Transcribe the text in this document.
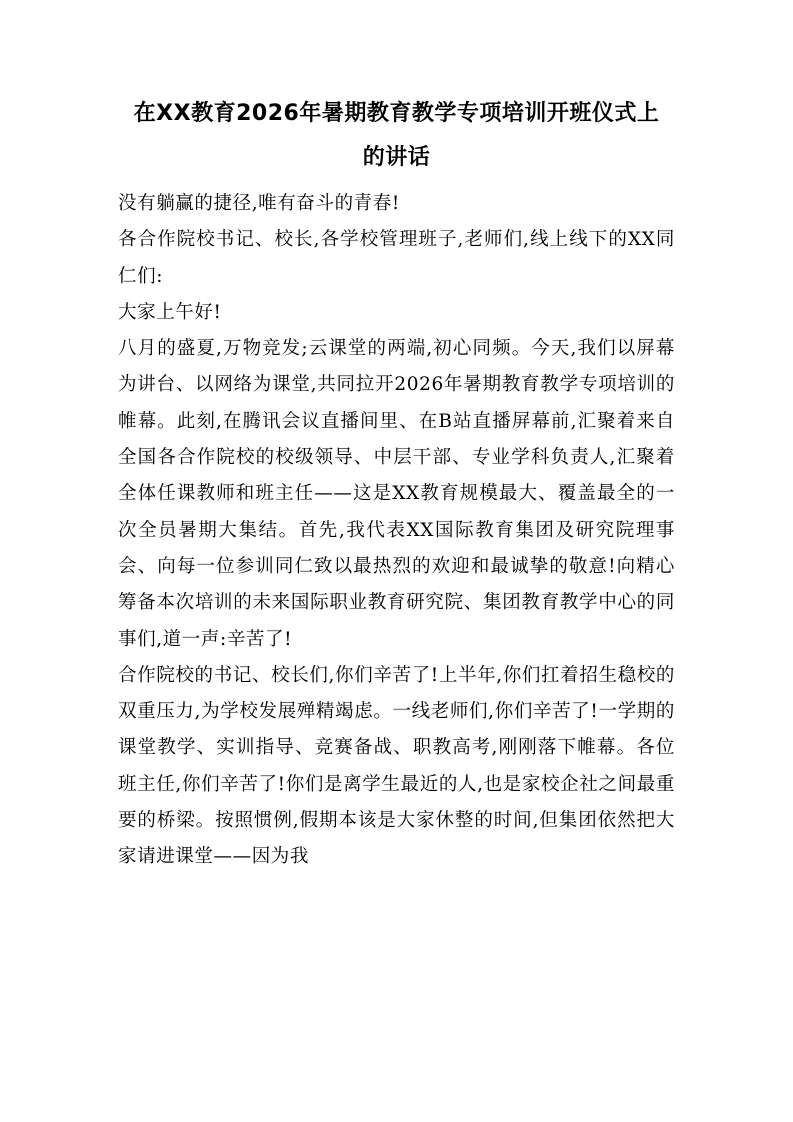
在XX教育2026年暑期教育教学专项培训开班仪式上
的讲话

没有躺赢的捷径,唯有奋斗的青春!

各合作院校书记、校长,各学校管理班子,老师们,线上线下的XX同仁们:

大家上午好!

八月的盛夏,万物竞发;云课堂的两端,初心同频。今天,我们以屏幕为讲台、以网络为课堂,共同拉开2026年暑期教育教学专项培训的帷幕。此刻,在腾讯会议直播间里、在B站直播屏幕前,汇聚着来自全国各合作院校的校级领导、中层干部、专业学科负责人,汇聚着全体任课教师和班主任——这是XX教育规模最大、覆盖最全的一次全员暑期大集结。首先,我代表XX国际教育集团及研究院理事会、向每一位参训同仁致以最热烈的欢迎和最诚挚的敬意!向精心筹备本次培训的未来国际职业教育研究院、集团教育教学中心的同事们,道一声:辛苦了!

合作院校的书记、校长们,你们辛苦了!上半年,你们扛着招生稳校的双重压力,为学校发展殚精竭虑。一线老师们,你们辛苦了!一学期的课堂教学、实训指导、竞赛备战、职教高考,刚刚落下帷幕。各位班主任,你们辛苦了!你们是离学生最近的人,也是家校企社之间最重要的桥梁。按照惯例,假期本该是大家休整的时间,但集团依然把大家请进课堂——因为我
